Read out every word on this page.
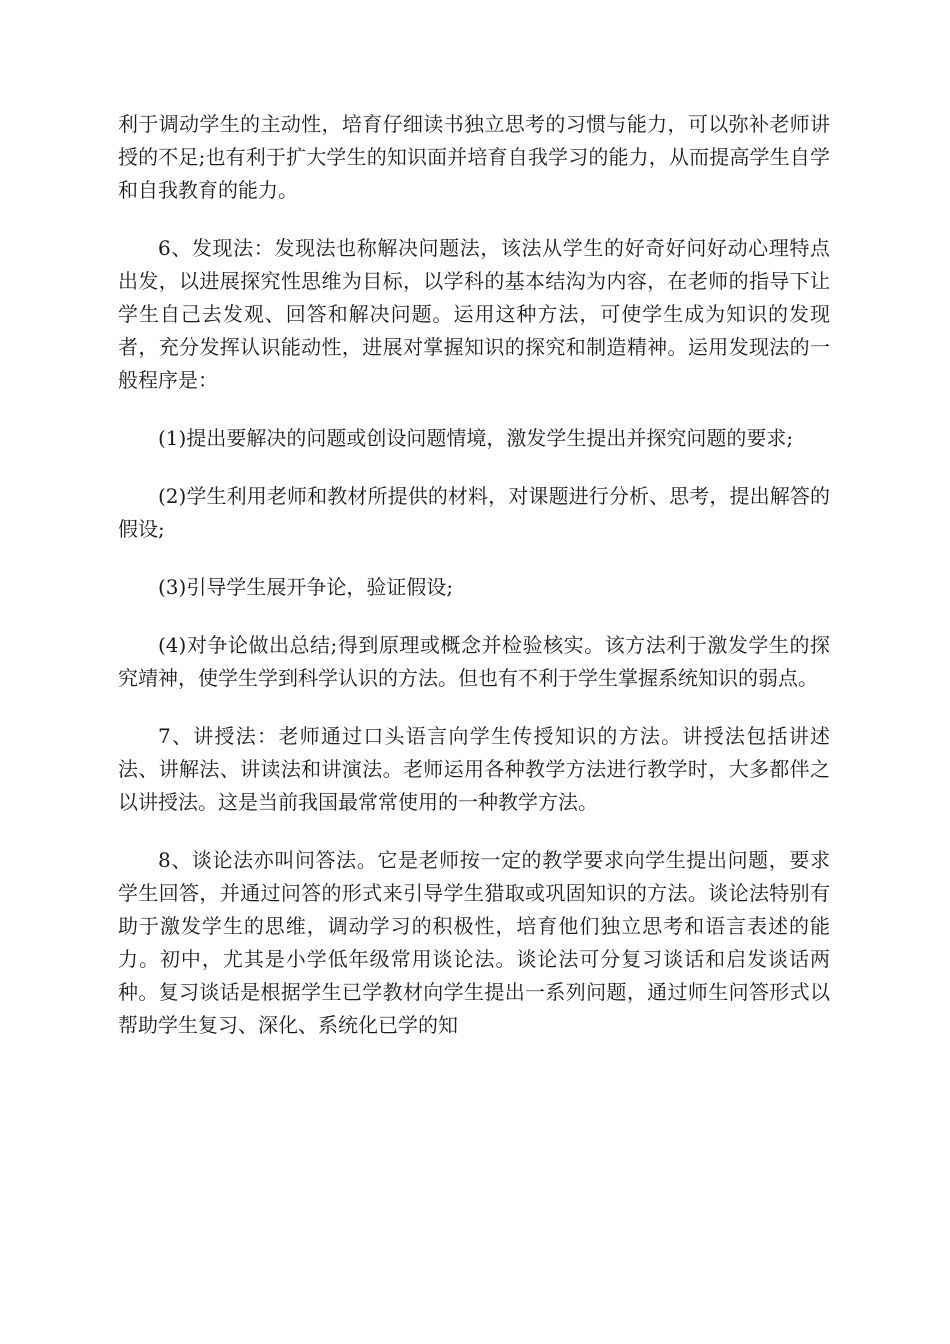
利于调动学生的主动性，培育仔细读书独立思考的习惯与能力，可以弥补老师讲授的不足;也有利于扩大学生的知识面并培育自我学习的能力，从而提高学生自学和自我教育的能力。

6、发现法：发现法也称解决问题法，该法从学生的好奇好问好动心理特点出发，以进展探究性思维为目标，以学科的基本结沟为内容，在老师的指导下让学生自己去发观、回答和解决问题。运用这种方法，可使学生成为知识的发现者，充分发挥认识能动性，进展对掌握知识的探究和制造精神。运用发现法的一般程序是：

(1)提出要解决的问题或创设问题情境，激发学生提出并探究问题的要求;

(2)学生利用老师和教材所提供的材料，对课题进行分析、思考，提出解答的假设;

(3)引导学生展开争论，验证假设;

(4)对争论做出总结;得到原理或概念并检验核实。该方法利于激发学生的探究靖神，使学生学到科学认识的方法。但也有不利于学生掌握系统知识的弱点。

7、讲授法：老师通过口头语言向学生传授知识的方法。讲授法包括讲述法、讲解法、讲读法和讲演法。老师运用各种教学方法进行教学时，大多都伴之以讲授法。这是当前我国最常常使用的一种教学方法。

8、谈论法亦叫问答法。它是老师按一定的教学要求向学生提出问题，要求学生回答，并通过问答的形式来引导学生猎取或巩固知识的方法。谈论法特别有助于激发学生的思维，调动学习的积极性，培育他们独立思考和语言表述的能力。初中，尤其是小学低年级常用谈论法。谈论法可分复习谈话和启发谈话两种。复习谈话是根据学生已学教材向学生提出一系列问题，通过师生问答形式以帮助学生复习、深化、系统化已学的知
